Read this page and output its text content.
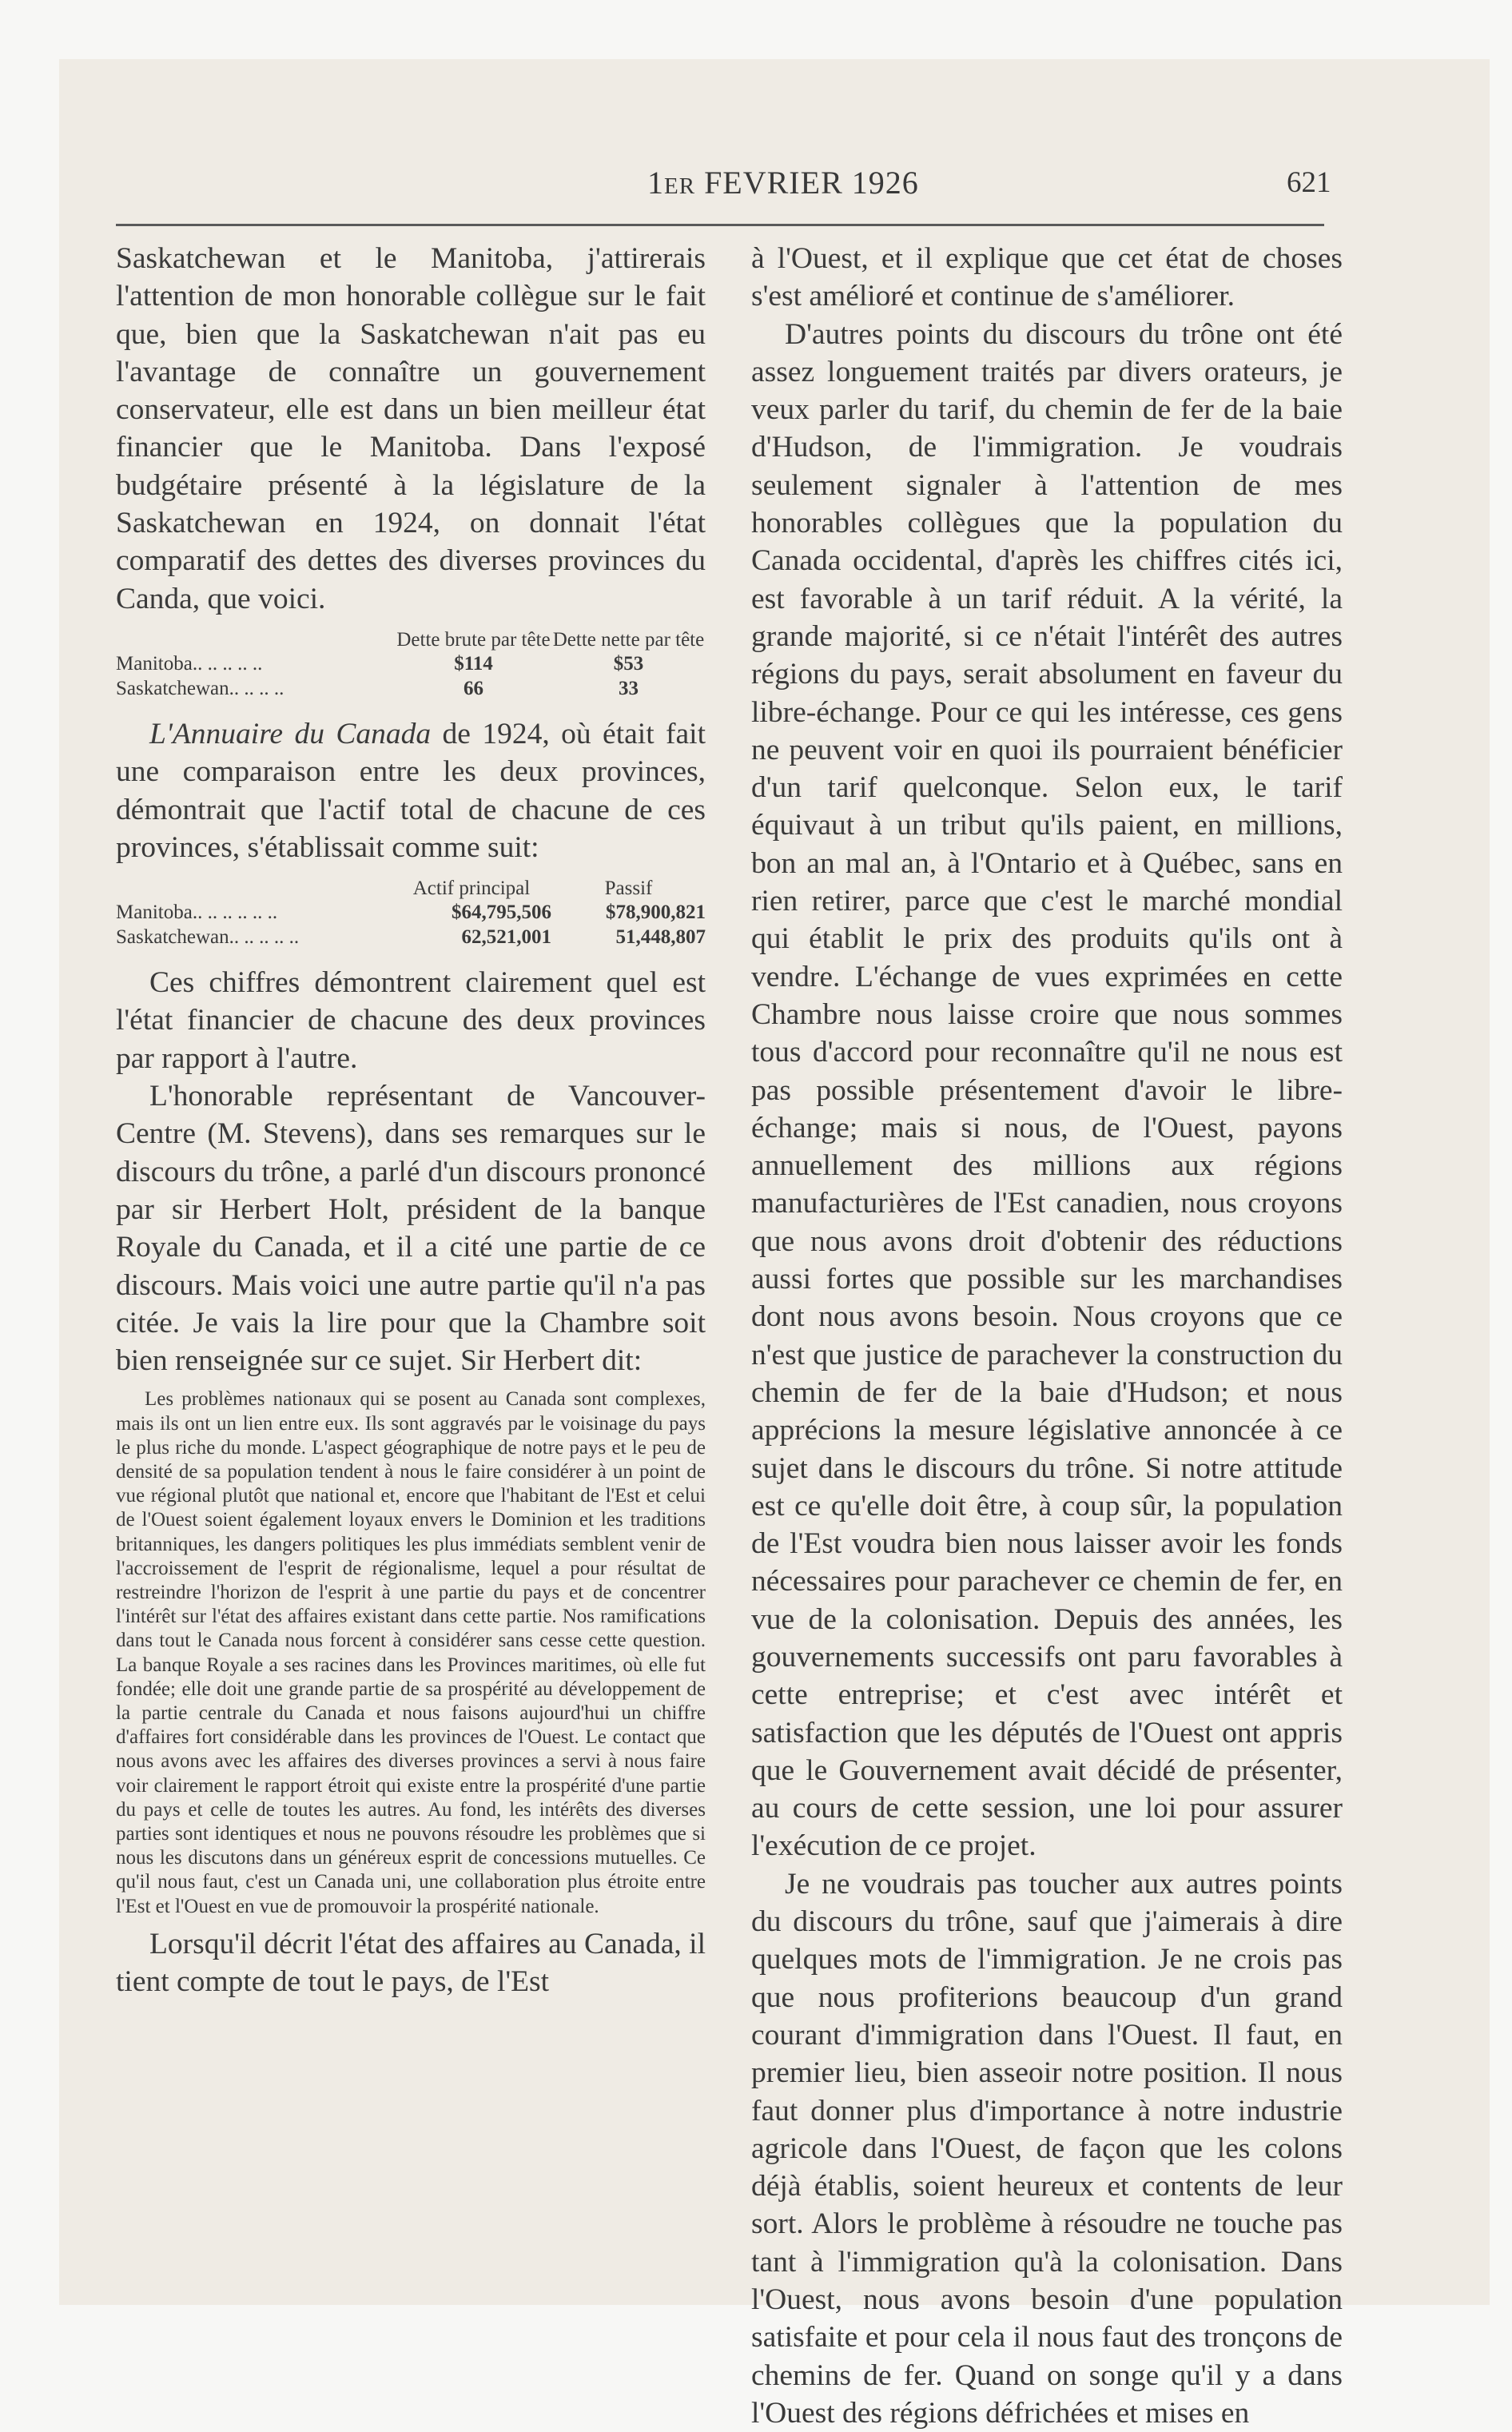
1ER FEVRIER 1926	621

Saskatchewan et le Manitoba, j'attirerais l'attention de mon honorable collègue sur le fait que, bien que la Saskatchewan n'ait pas eu l'avantage de connaître un gouvernement conservateur, elle est dans un bien meilleur état financier que le Manitoba. Dans l'exposé budgétaire présenté à la législature de la Saskatchewan en 1924, on donnait l'état comparatif des dettes des diverses provinces du Canda, que voici.

	Dette brute par tête	Dette nette par tête
Manitoba.. .. .. .. ..	$114	$53
Saskatchewan.. .. .. ..	66	33

L'Annuaire du Canada de 1924, où était fait une comparaison entre les deux provinces, démontrait que l'actif total de chacune de ces provinces, s'établissait comme suit:

	Actif principal	Passif
Manitoba.. .. .. .. .. ..	$64,795,506	$78,900,821
Saskatchewan.. .. .. .. ..	62,521,001	51,448,807

Ces chiffres démontrent clairement quel est l'état financier de chacune des deux provinces par rapport à l'autre.

L'honorable représentant de Vancouver-Centre (M. Stevens), dans ses remarques sur le discours du trône, a parlé d'un discours prononcé par sir Herbert Holt, président de la banque Royale du Canada, et il a cité une partie de ce discours. Mais voici une autre partie qu'il n'a pas citée. Je vais la lire pour que la Chambre soit bien renseignée sur ce sujet. Sir Herbert dit:

Les problèmes nationaux qui se posent au Canada sont complexes, mais ils ont un lien entre eux. Ils sont aggravés par le voisinage du pays le plus riche du monde. L'aspect géographique de notre pays et le peu de densité de sa population tendent à nous le faire considérer à un point de vue régional plutôt que national et, encore que l'habitant de l'Est et celui de l'Ouest soient également loyaux envers le Dominion et les traditions britanniques, les dangers politiques les plus immédiats semblent venir de l'accroissement de l'esprit de régionalisme, lequel a pour résultat de restreindre l'horizon de l'esprit à une partie du pays et de concentrer l'intérêt sur l'état des affaires existant dans cette partie. Nos ramifications dans tout le Canada nous forcent à considérer sans cesse cette question. La banque Royale a ses racines dans les Provinces maritimes, où elle fut fondée; elle doit une grande partie de sa prospérité au développement de la partie centrale du Canada et nous faisons aujourd'hui un chiffre d'affaires fort considérable dans les provinces de l'Ouest. Le contact que nous avons avec les affaires des diverses provinces a servi à nous faire voir clairement le rapport étroit qui existe entre la prospérité d'une partie du pays et celle de toutes les autres. Au fond, les intérêts des diverses parties sont identiques et nous ne pouvons résoudre les problèmes que si nous les discutons dans un généreux esprit de concessions mutuelles. Ce qu'il nous faut, c'est un Canada uni, une collaboration plus étroite entre l'Est et l'Ouest en vue de promouvoir la prospérité nationale.

Lorsqu'il décrit l'état des affaires au Canada, il tient compte de tout le pays, de l'Est

à l'Ouest, et il explique que cet état de choses s'est amélioré et continue de s'améliorer.

D'autres points du discours du trône ont été assez longuement traités par divers orateurs, je veux parler du tarif, du chemin de fer de la baie d'Hudson, de l'immigration. Je voudrais seulement signaler à l'attention de mes honorables collègues que la population du Canada occidental, d'après les chiffres cités ici, est favorable à un tarif réduit. A la vérité, la grande majorité, si ce n'était l'intérêt des autres régions du pays, serait absolument en faveur du libre-échange. Pour ce qui les intéresse, ces gens ne peuvent voir en quoi ils pourraient bénéficier d'un tarif quelconque. Selon eux, le tarif équivaut à un tribut qu'ils paient, en millions, bon an mal an, à l'Ontario et à Québec, sans en rien retirer, parce que c'est le marché mondial qui établit le prix des produits qu'ils ont à vendre. L'échange de vues exprimées en cette Chambre nous laisse croire que nous sommes tous d'accord pour reconnaître qu'il ne nous est pas possible présentement d'avoir le libre-échange; mais si nous, de l'Ouest, payons annuellement des millions aux régions manufacturières de l'Est canadien, nous croyons que nous avons droit d'obtenir des réductions aussi fortes que possible sur les marchandises dont nous avons besoin. Nous croyons que ce n'est que justice de parachever la construction du chemin de fer de la baie d'Hudson; et nous apprécions la mesure législative annoncée à ce sujet dans le discours du trône. Si notre attitude est ce qu'elle doit être, à coup sûr, la population de l'Est voudra bien nous laisser avoir les fonds nécessaires pour parachever ce chemin de fer, en vue de la colonisation. Depuis des années, les gouvernements successifs ont paru favorables à cette entreprise; et c'est avec intérêt et satisfaction que les députés de l'Ouest ont appris que le Gouvernement avait décidé de présenter, au cours de cette session, une loi pour assurer l'exécution de ce projet.

Je ne voudrais pas toucher aux autres points du discours du trône, sauf que j'aimerais à dire quelques mots de l'immigration. Je ne crois pas que nous profiterions beaucoup d'un grand courant d'immigration dans l'Ouest. Il faut, en premier lieu, bien asseoir notre position. Il nous faut donner plus d'importance à notre industrie agricole dans l'Ouest, de façon que les colons déjà établis, soient heureux et contents de leur sort. Alors le problème à résoudre ne touche pas tant à l'immigration qu'à la colonisation. Dans l'Ouest, nous avons besoin d'une population satisfaite et pour cela il nous faut des tronçons de chemins de fer. Quand on songe qu'il y a dans l'Ouest des régions défrichées et mises en
